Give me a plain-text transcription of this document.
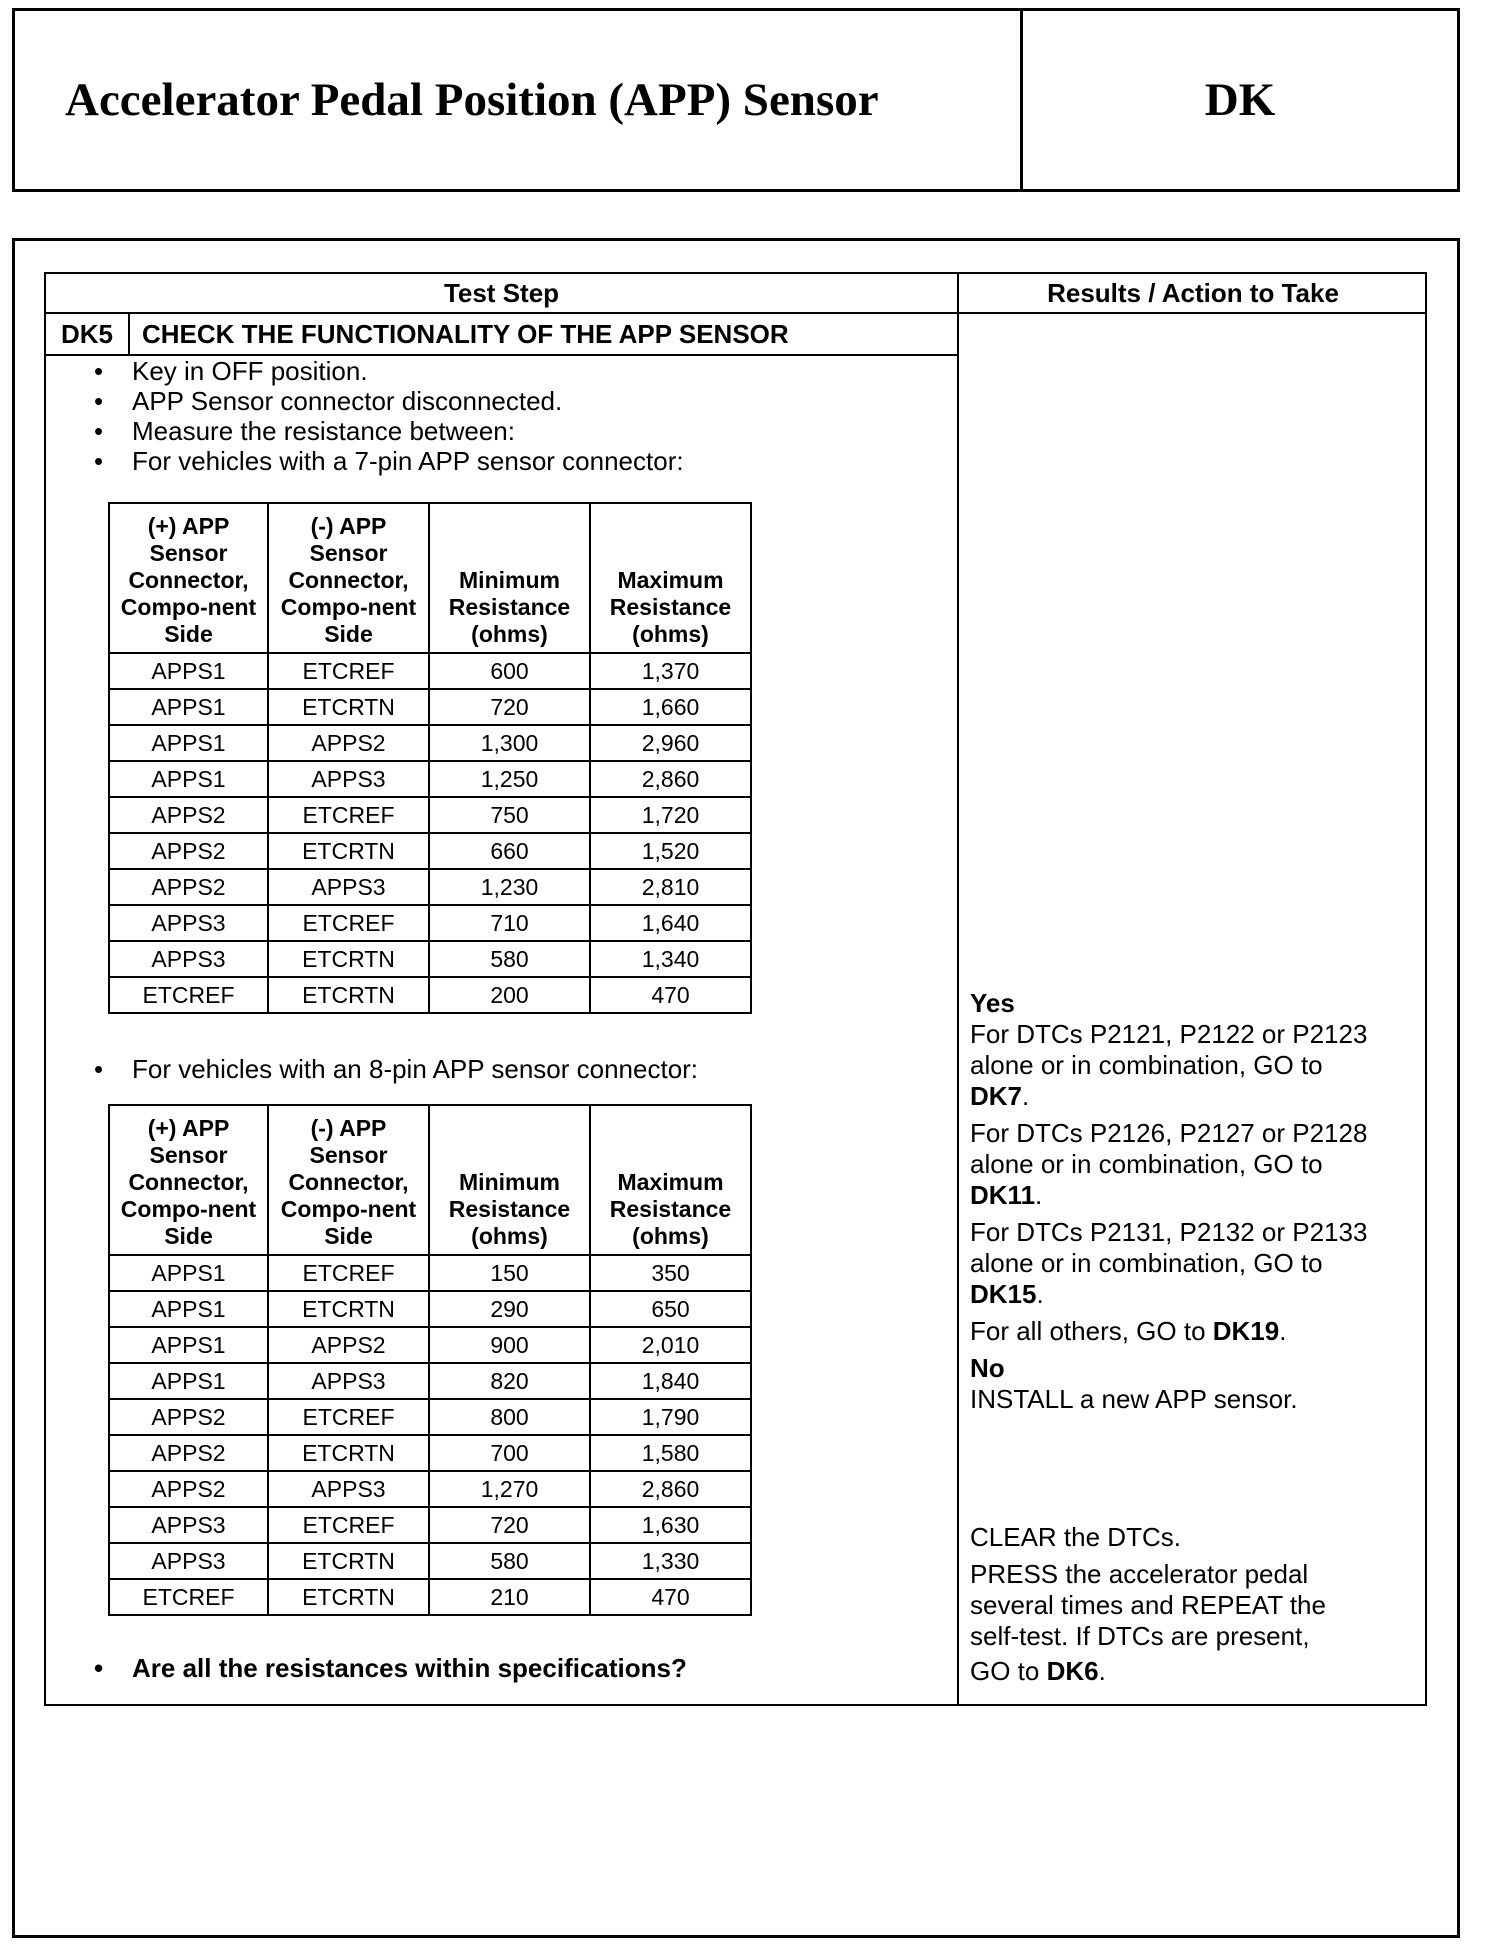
Accelerator Pedal Position (APP) Sensor	DK
Test Step	Results / Action to Take
DK5	CHECK THE FUNCTIONALITY OF THE APP SENSOR
• Key in OFF position.
• APP Sensor connector disconnected.
• Measure the resistance between:
• For vehicles with a 7-pin APP sensor connector:
(+) APP Sensor Connector, Compo-nent Side	(-) APP Sensor Connector, Compo-nent Side	Minimum Resistance (ohms)	Maximum Resistance (ohms)
APPS1	ETCREF	600	1,370
APPS1	ETCRTN	720	1,660
APPS1	APPS2	1,300	2,960
APPS1	APPS3	1,250	2,860
APPS2	ETCREF	750	1,720
APPS2	ETCRTN	660	1,520
APPS2	APPS3	1,230	2,810
APPS3	ETCREF	710	1,640
APPS3	ETCRTN	580	1,340
ETCREF	ETCRTN	200	470
• For vehicles with an 8-pin APP sensor connector:
(+) APP Sensor Connector, Compo-nent Side	(-) APP Sensor Connector, Compo-nent Side	Minimum Resistance (ohms)	Maximum Resistance (ohms)
APPS1	ETCREF	150	350
APPS1	ETCRTN	290	650
APPS1	APPS2	900	2,010
APPS1	APPS3	820	1,840
APPS2	ETCREF	800	1,790
APPS2	ETCRTN	700	1,580
APPS2	APPS3	1,270	2,860
APPS3	ETCREF	720	1,630
APPS3	ETCRTN	580	1,330
ETCREF	ETCRTN	210	470
• Are all the resistances within specifications?

Yes

For DTCs P2121, P2122 or P2123 alone or in combination, GO to DK7.

For DTCs P2126, P2127 or P2128 alone or in combination, GO to DK11.

For DTCs P2131, P2132 or P2133 alone or in combination, GO to DK15.

For all others, GO to DK19.

No

INSTALL a new APP sensor.

CLEAR the DTCs.

PRESS the accelerator pedal several times and REPEAT the self-test. If DTCs are present,

GO to DK6.
